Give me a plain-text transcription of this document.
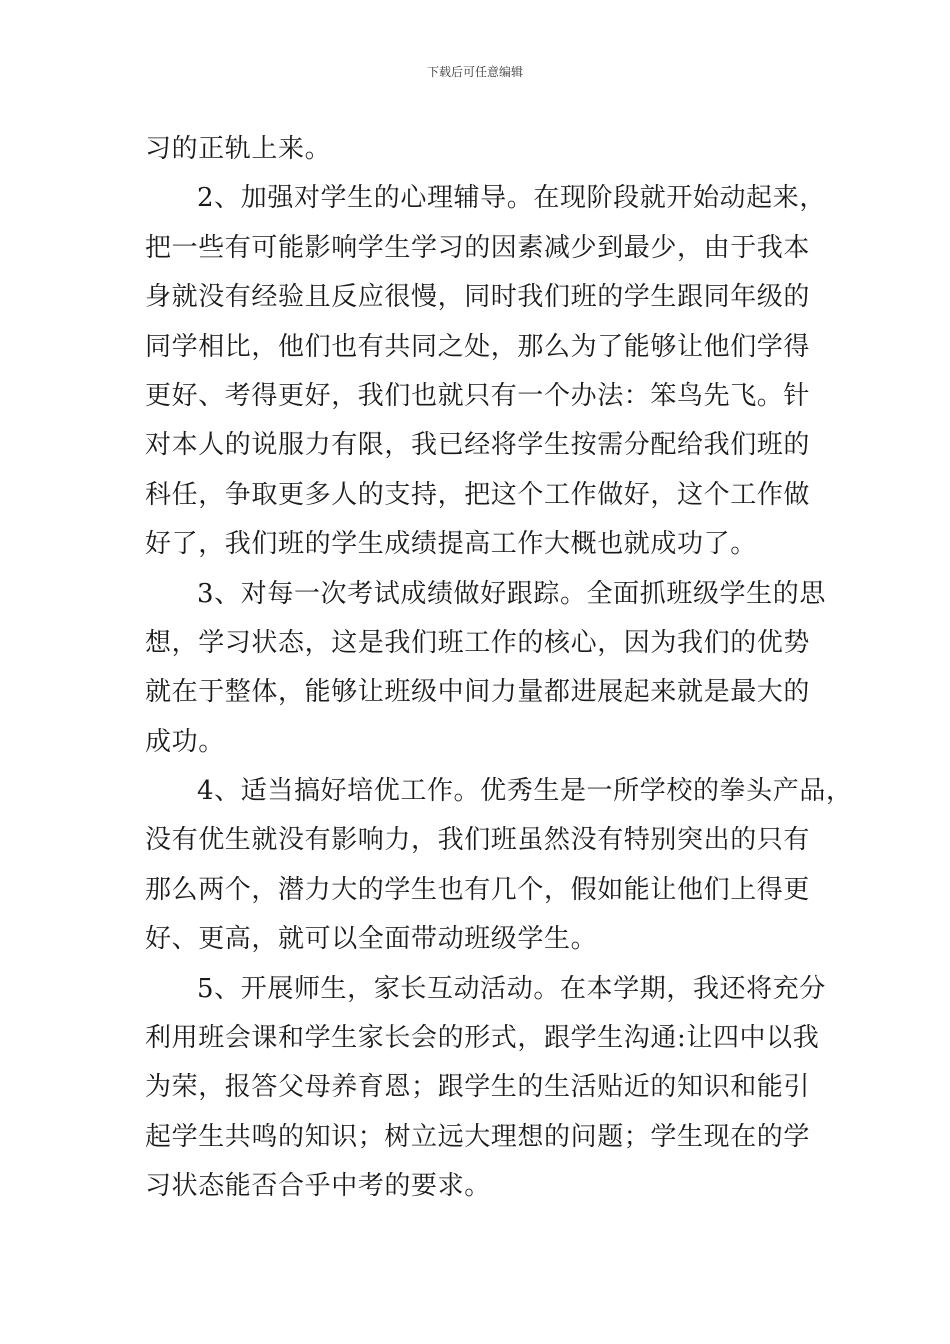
下载后可任意编辑
习的正轨上来。
2、加强对学生的心理辅导。在现阶段就开始动起来，
把一些有可能影响学生学习的因素减少到最少，由于我本
身就没有经验且反应很慢，同时我们班的学生跟同年级的
同学相比，他们也有共同之处，那么为了能够让他们学得
更好、考得更好，我们也就只有一个办法：笨鸟先飞。针
对本人的说服力有限，我已经将学生按需分配给我们班的
科任，争取更多人的支持，把这个工作做好，这个工作做
好了，我们班的学生成绩提高工作大概也就成功了。
3、对每一次考试成绩做好跟踪。全面抓班级学生的思
想，学习状态，这是我们班工作的核心，因为我们的优势
就在于整体，能够让班级中间力量都进展起来就是最大的
成功。
4、适当搞好培优工作。优秀生是一所学校的拳头产品，
没有优生就没有影响力，我们班虽然没有特别突出的只有
那么两个，潜力大的学生也有几个，假如能让他们上得更
好、更高，就可以全面带动班级学生。
5、开展师生，家长互动活动。在本学期，我还将充分
利用班会课和学生家长会的形式，跟学生沟通:让四中以我
为荣，报答父母养育恩；跟学生的生活贴近的知识和能引
起学生共鸣的知识；树立远大理想的问题；学生现在的学
习状态能否合乎中考的要求。
